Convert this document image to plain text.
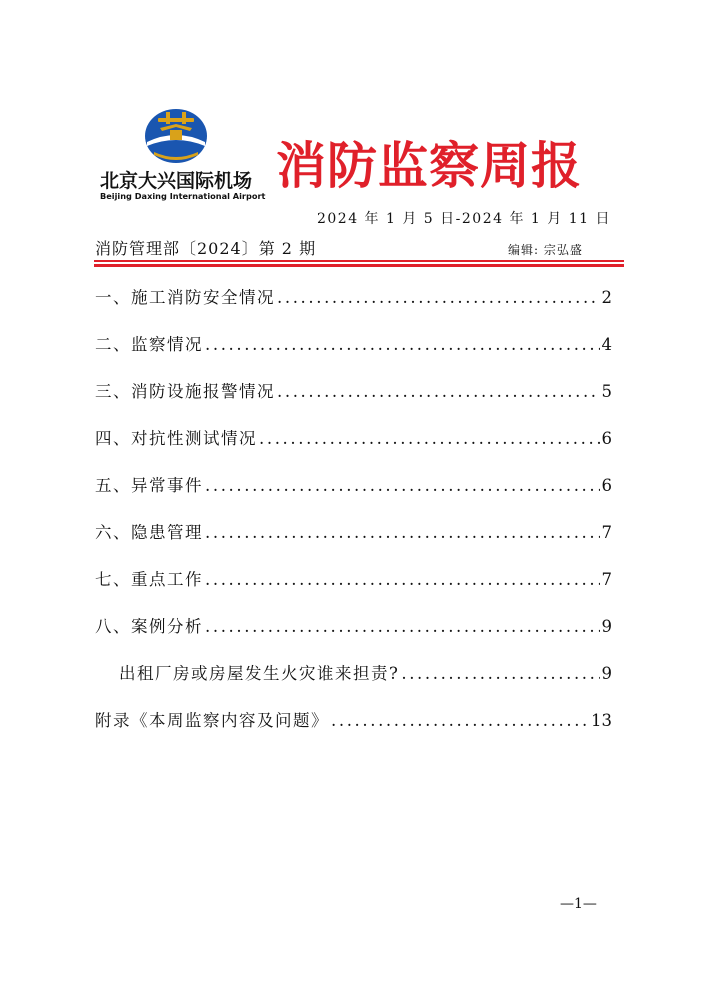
北京大兴国际机场
Beijing Daxing International Airport
消防监察周报
2024 年 1 月 5 日-2024 年 1 月 11 日
消防管理部〔2024〕第 2 期	编辑: 宗弘盛
一、施工消防安全情况 .....	2
二、监察情况 .....	4
三、消防设施报警情况 .....	5
四、对抗性测试情况 .....	6
五、异常事件 .....	6
六、隐患管理 .....	7
七、重点工作 .....	7
八、案例分析 .....	9
出租厂房或房屋发生火灾谁来担责? .....	9
附录《本周监察内容及问题》 .....	13
—1—
